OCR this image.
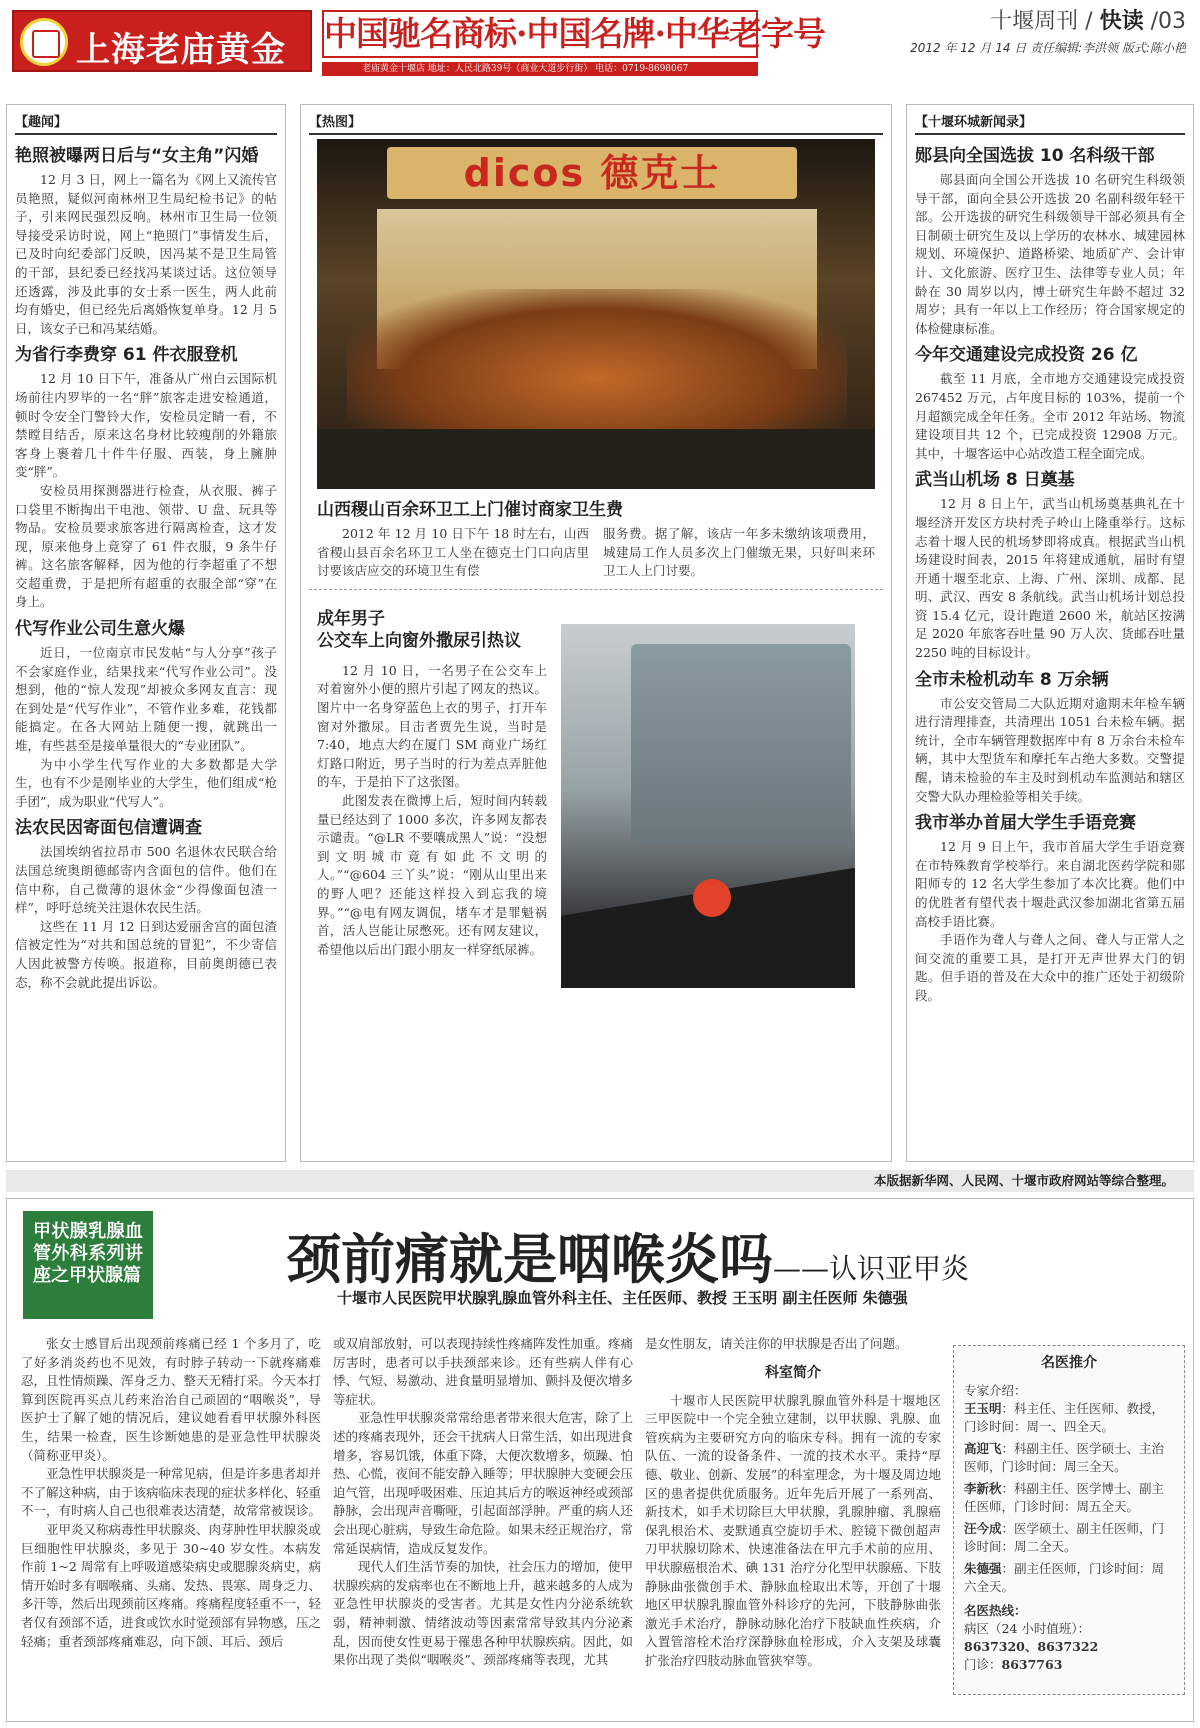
上海老庙黄金 中国驰名商标·中国名牌·中华老字号
老庙黄金十堰店 地址：人民北路39号（商业大道步行街） 电话：0719-8698067
十堰周刊 / 快读 /03
2012 年 12 月 14 日 责任编辑:李洪领 版式:陈小艳
【趣闻】
艳照被曝两日后与“女主角”闪婚

12 月 3 日，网上一篇名为《网上又流传官员艳照，疑似河南林州卫生局纪检书记》的帖子，引来网民强烈反响。林州市卫生局一位领导接受采访时说，网上“艳照门”事情发生后，已及时向纪委部门反映，因冯某不是卫生局管的干部，县纪委已经找冯某谈过话。这位领导还透露，涉及此事的女士系一医生，两人此前均有婚史，但已经先后离婚恢复单身。12 月 5 日，该女子已和冯某结婚。

为省行李费穿 61 件衣服登机

12 月 10 日下午，准备从广州白云国际机场前往内罗毕的一名“胖”旅客走进安检通道，顿时令安全门警铃大作，安检员定睛一看，不禁瞠目结舌，原来这名身材比较瘦削的外籍旅客身上裹着几十件牛仔服、西装，身上臃肿变“胖”。

安检员用探测器进行检查，从衣服、裤子口袋里不断掏出干电池、领带、U 盘、玩具等物品。安检员要求旅客进行隔离检查，这才发现，原来他身上竟穿了 61 件衣服，9 条牛仔裤。这名旅客解释，因为他的行李超重了不想交超重费，于是把所有超重的衣服全部“穿”在身上。

代写作业公司生意火爆

近日，一位南京市民发帖“与人分享”孩子不会家庭作业，结果找来“代写作业公司”。没想到，他的“惊人发现”却被众多网友直言：现在到处是“代写作业”，不管作业多难，花钱都能搞定。在各大网站上随便一搜，就跳出一堆，有些甚至是接单量很大的“专业团队”。

为中小学生代写作业的大多数都是大学生，也有不少是刚毕业的大学生，他们组成“枪手团”，成为职业“代写人”。

法农民因寄面包信遭调查

法国埃纳省拉昂市 500 名退休农民联合给法国总统奥朗德邮寄内含面包的信件。他们在信中称，自己微薄的退休金“少得像面包渣一样”，呼吁总统关注退休农民生活。

这些在 11 月 12 日到达爱丽舍宫的面包渣信被定性为“对共和国总统的冒犯”，不少寄信人因此被警方传唤。报道称，目前奥朗德已表态，称不会就此提出诉讼。

【热图】
dicos 德克士
山西稷山百余环卫工上门催讨商家卫生费

2012 年 12 月 10 日下午 18 时左右，山西省稷山县百余名环卫工人坐在德克士门口向店里讨要该店应交的环境卫生有偿

服务费。据了解，该店一年多未缴纳该项费用，城建局工作人员多次上门催缴无果，只好叫来环卫工人上门讨要。

成年男子
公交车上向窗外撒尿引热议

12 月 10 日，一名男子在公交车上对着窗外小便的照片引起了网友的热议。图片中一名身穿蓝色上衣的男子，打开车窗对外撒尿。目击者贾先生说，当时是 7:40，地点大约在厦门 SM 商业广场红灯路口附近，男子当时的行为差点弄脏他的车，于是拍下了这张图。

此图发表在微博上后，短时间内转载量已经达到了 1000 多次，许多网友都表示谴责。“@LR 不要嚷成黑人”说：“没想到文明城市竟有如此不文明的人。”“@604 三丫头”说：“刚从山里出来的野人吧？还能这样投入到忘我的境界。”“@电有网友调侃，堵车才是罪魁祸首，活人岂能让尿憋死。还有网友建议，希望他以后出门跟小朋友一样穿纸尿裤。

【十堰环城新闻录】
郧县向全国选拔 10 名科级干部

郧县面向全国公开选拔 10 名研究生科级领导干部，面向全县公开选拔 20 名副科级年轻干部。公开选拔的研究生科级领导干部必须具有全日制硕士研究生及以上学历的农林水、城建园林规划、环境保护、道路桥梁、地质矿产、会计审计、文化旅游、医疗卫生、法律等专业人员；年龄在 30 周岁以内，博士研究生年龄不超过 32 周岁；具有一年以上工作经历；符合国家规定的体检健康标准。

今年交通建设完成投资 26 亿

截至 11 月底，全市地方交通建设完成投资 267452 万元，占年度目标的 103%，提前一个月超额完成全年任务。全市 2012 年站场、物流建设项目共 12 个，已完成投资 12908 万元。其中，十堰客运中心站改造工程全面完成。

武当山机场 8 日奠基

12 月 8 日上午，武当山机场奠基典礼在十堰经济开发区方块村秃子岭山上隆重举行。这标志着十堰人民的机场梦即将成真。根据武当山机场建设时间表，2015 年将建成通航，届时有望开通十堰至北京、上海、广州、深圳、成都、昆明、武汉、西安 8 条航线。武当山机场计划总投资 15.4 亿元，设计跑道 2600 米，航站区按满足 2020 年旅客吞吐量 90 万人次、货邮吞吐量 2250 吨的目标设计。

全市未检机动车 8 万余辆

市公安交管局二大队近期对逾期未年检车辆进行清理排查，共清理出 1051 台未检车辆。据统计，全市车辆管理数据库中有 8 万余台未检车辆，其中大型货车和摩托车占绝大多数。交警提醒，请未检验的车主及时到机动车监测站和辖区交警大队办理检验等相关手续。

我市举办首届大学生手语竞赛

12 月 9 日上午，我市首届大学生手语竞赛在市特殊教育学校举行。来自湖北医药学院和郧阳师专的 12 名大学生参加了本次比赛。他们中的优胜者有望代表十堰赴武汉参加湖北省第五届高校手语比赛。

手语作为聋人与聋人之间、聋人与正常人之间交流的重要工具，是打开无声世界大门的钥匙。但手语的普及在大众中的推广还处于初级阶段。

本版据新华网、人民网、十堰市政府网站等综合整理。
甲状腺乳腺血管外科系列讲座之甲状腺篇	颈前痛就是咽喉炎吗——认识亚甲炎
十堰市人民医院甲状腺乳腺血管外科主任、主任医师、教授 王玉明 副主任医师 朱德强

张女士感冒后出现颈前疼痛已经 1 个多月了，吃了好多消炎药也不见效，有时脖子转动一下就疼痛难忍，且性情烦躁、浑身乏力、整天无精打采。今天本打算到医院再买点儿药来治治自己顽固的“咽喉炎”，导医护士了解了她的情况后，建议她看看甲状腺外科医生，结果一检查，医生诊断她患的是亚急性甲状腺炎（简称亚甲炎）。

亚急性甲状腺炎是一种常见病，但是许多患者却并不了解这种病，由于该病临床表现的症状多样化、轻重不一，有时病人自己也很难表达清楚，故常常被误诊。

亚甲炎又称病毒性甲状腺炎、肉芽肿性甲状腺炎或巨细胞性甲状腺炎，多见于 30~40 岁女性。本病发作前 1~2 周常有上呼吸道感染病史或腮腺炎病史，病情开始时多有咽喉痛、头痛、发热、畏寒、周身乏力、多汗等，然后出现颈前区疼痛。疼痛程度轻重不一，轻者仅有颈部不适，进食或饮水时觉颈部有异物感，压之轻痛；重者颈部疼痛难忍，向下颌、耳后、颈后

或双肩部放射，可以表现持续性疼痛阵发性加重。疼痛厉害时，患者可以手扶颈部来诊。还有些病人伴有心悸、气短、易激动、进食量明显增加、颤抖及便次增多等症状。

亚急性甲状腺炎常常给患者带来很大危害，除了上述的疼痛表现外，还会干扰病人日常生活，如出现进食增多，容易饥饿，体重下降，大便次数增多，烦躁、怕热、心慌，夜间不能安静入睡等；甲状腺肿大变硬会压迫气管，出现呼吸困难、压迫其后方的喉返神经或颈部静脉，会出现声音嘶哑，引起面部浮肿。严重的病人还会出现心脏病，导致生命危险。如果未经正规治疗，常常延误病情，造成反复发作。

现代人们生活节奏的加快，社会压力的增加，使甲状腺疾病的发病率也在不断地上升，越来越多的人成为亚急性甲状腺炎的受害者。尤其是女性内分泌系统软弱，精神刺激、情绪波动等因素常常导致其内分泌紊乱，因而使女性更易于罹患各种甲状腺疾病。因此，如果你出现了类似“咽喉炎”、颈部疼痛等表现，尤其

是女性朋友，请关注你的甲状腺是否出了问题。

科室简介

十堰市人民医院甲状腺乳腺血管外科是十堰地区三甲医院中一个完全独立建制，以甲状腺、乳腺、血管疾病为主要研究方向的临床专科。拥有一流的专家队伍、一流的设备条件、一流的技术水平。秉持“厚德、敬业、创新、发展”的科室理念，为十堰及周边地区的患者提供优质服务。近年先后开展了一系列高、新技术，如手术切除巨大甲状腺，乳腺肿瘤、乳腺癌保乳根治术、麦默通真空旋切手术、腔镜下微创超声刀甲状腺切除术、快速准备法在甲亢手术前的应用、甲状腺癌根治术、碘 131 治疗分化型甲状腺癌、下肢静脉曲张微创手术、静脉血栓取出术等，开创了十堰地区甲状腺乳腺血管外科诊疗的先河，下肢静脉曲张激光手术治疗，静脉动脉化治疗下肢缺血性疾病，介入置管溶栓术治疗深静脉血栓形成，介入支架及球囊扩张治疗四肢动脉血管狭窄等。

名医推介
专家介绍：
王玉明：科主任、主任医师、教授，门诊时间：周一、四全天。
高迎飞：科副主任、医学硕士、主治医师，门诊时间：周三全天。
李新秋：科副主任、医学博士、副主任医师，门诊时间：周五全天。
汪今成：医学硕士、副主任医师，门诊时间：周二全天。
朱德强：副主任医师，门诊时间：周六全天。
名医热线：
病区（24 小时值班）：
8637320、8637322
门诊：8637763
